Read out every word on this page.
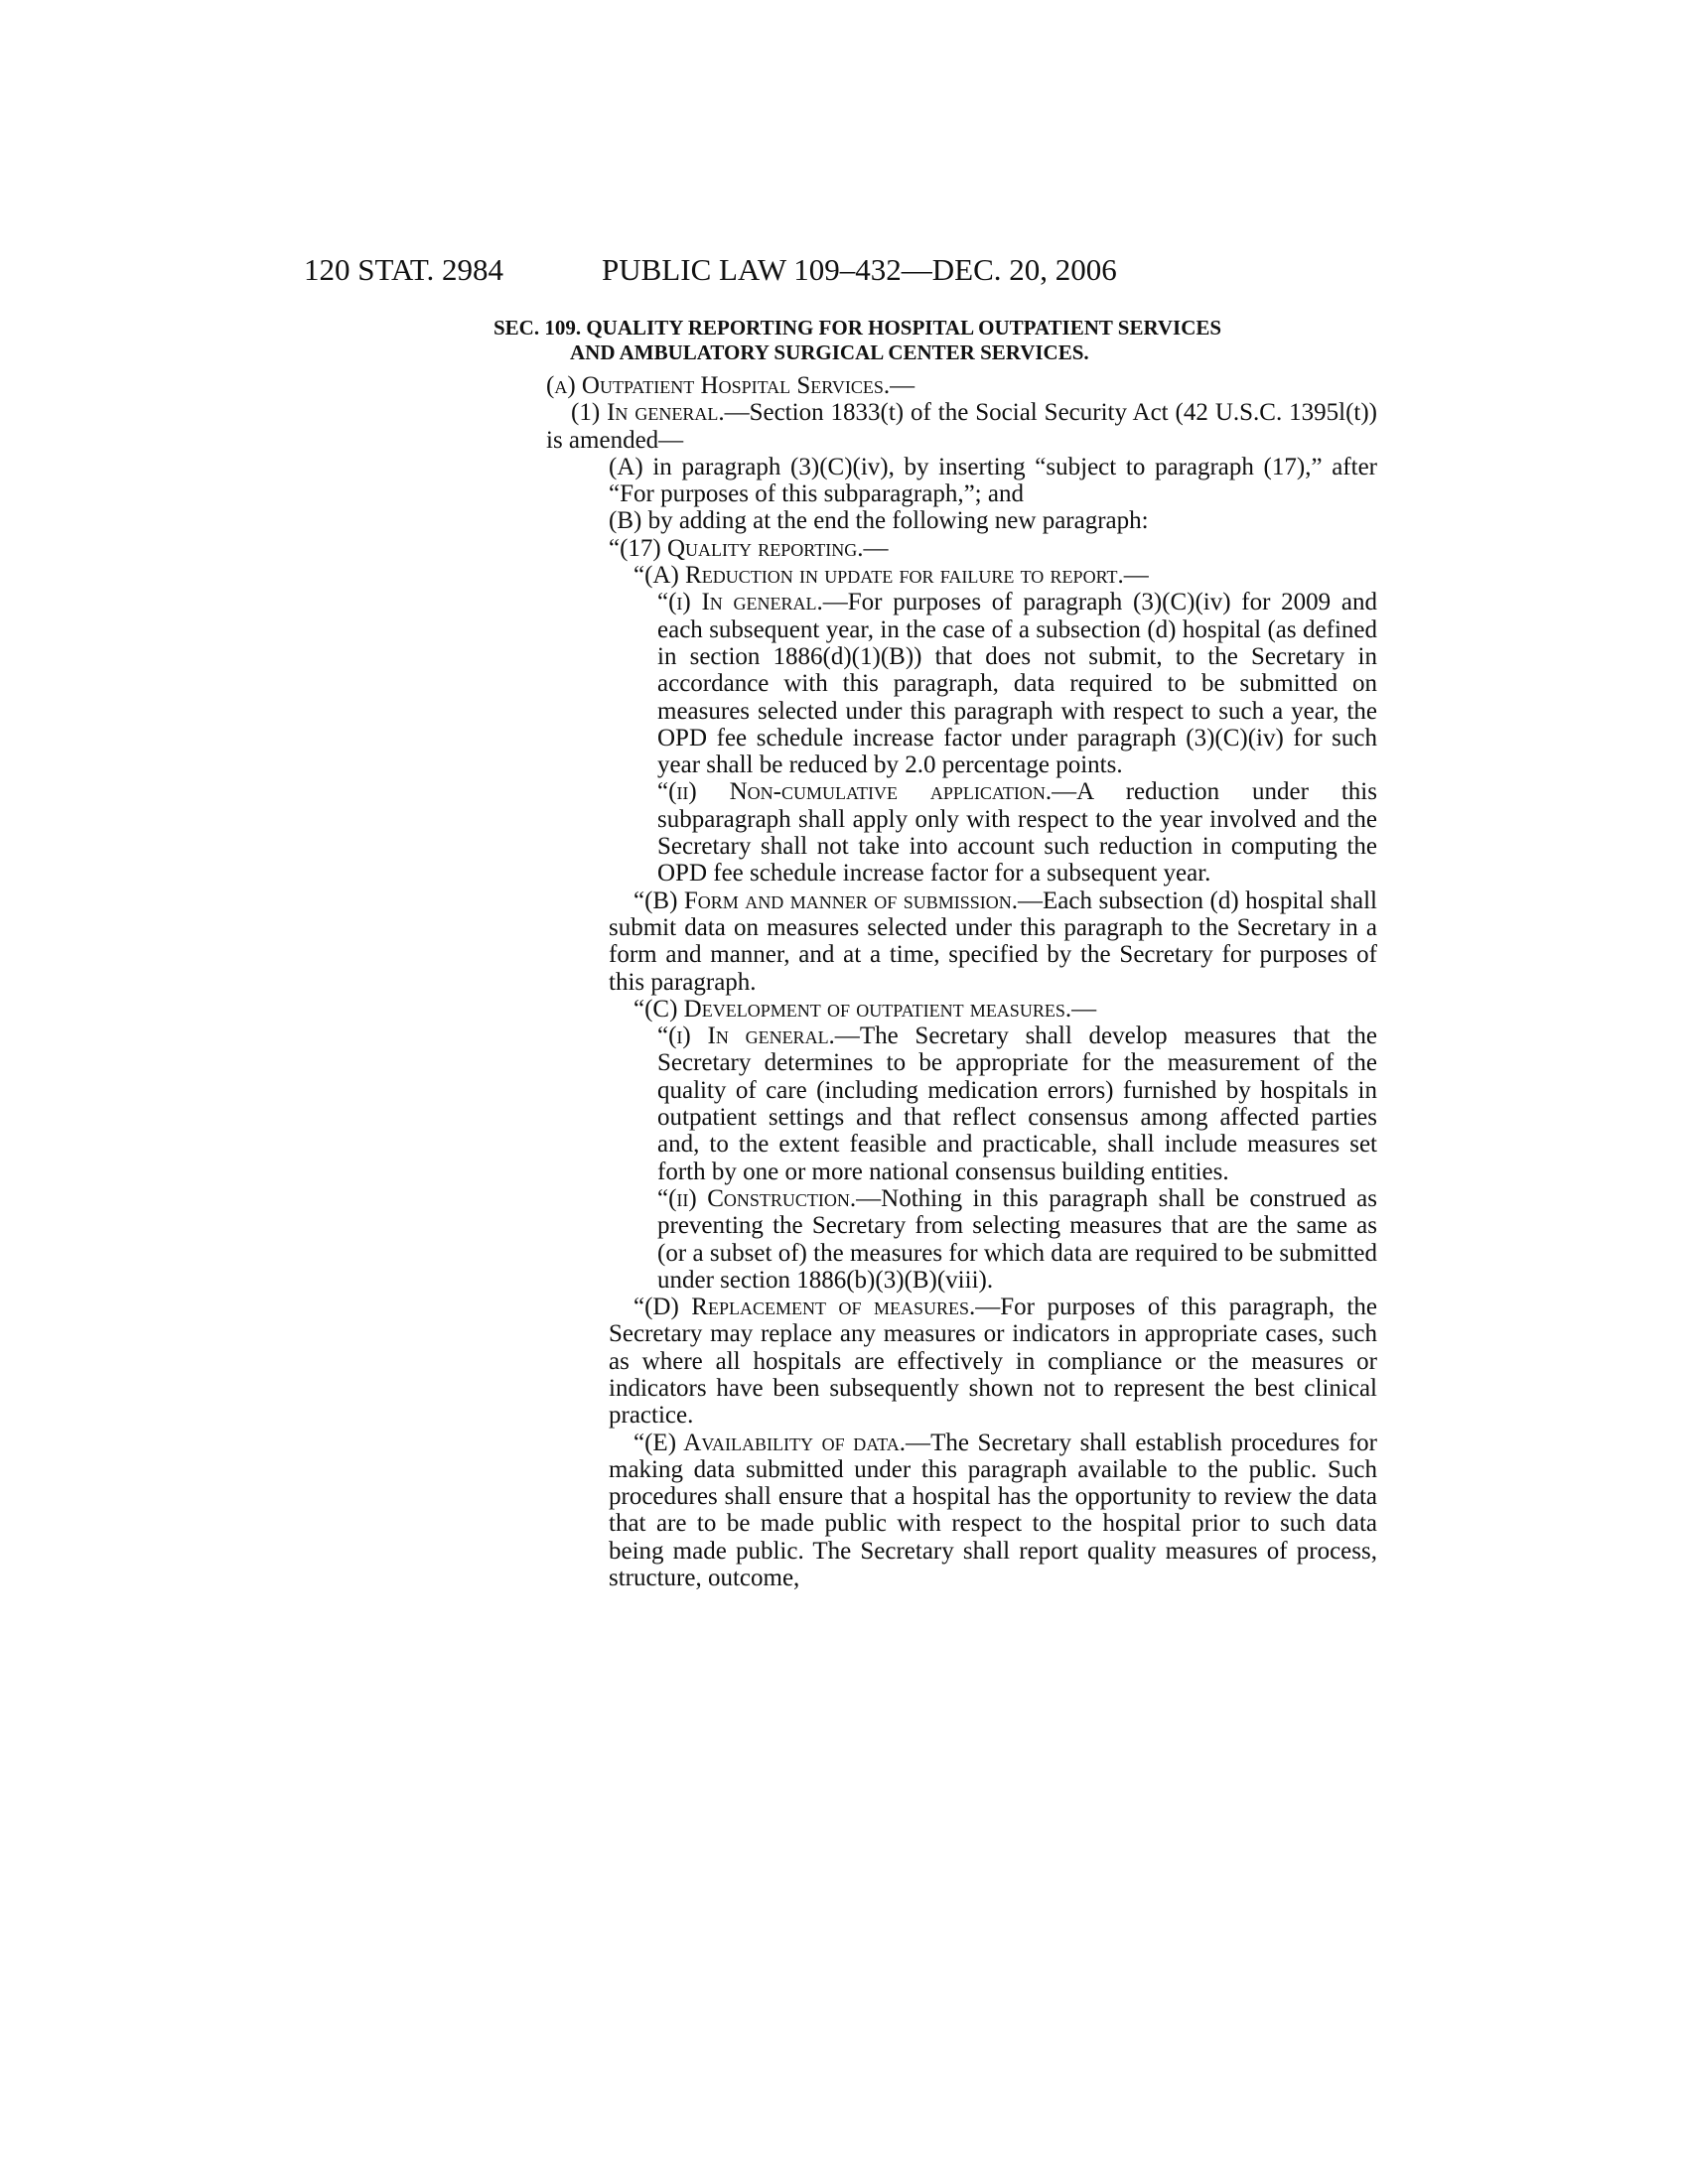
120 STAT. 2984	PUBLIC LAW 109–432—DEC. 20, 2006
SEC. 109. QUALITY REPORTING FOR HOSPITAL OUTPATIENT SERVICES
AND AMBULATORY SURGICAL CENTER SERVICES.

(a) Outpatient Hospital Services.—

(1) In general.—Section 1833(t) of the Social Security Act (42 U.S.C. 1395l(t)) is amended—

(A) in paragraph (3)(C)(iv), by inserting “subject to paragraph (17),” after “For purposes of this subparagraph,”; and

(B) by adding at the end the following new paragraph:

“(17) Quality reporting.—

“(A) Reduction in update for failure to report.—

“(i) In general.—For purposes of paragraph (3)(C)(iv) for 2009 and each subsequent year, in the case of a subsection (d) hospital (as defined in section 1886(d)(1)(B)) that does not submit, to the Secretary in accordance with this paragraph, data required to be submitted on measures selected under this paragraph with respect to such a year, the OPD fee schedule increase factor under paragraph (3)(C)(iv) for such year shall be reduced by 2.0 percentage points.

“(ii) Non-cumulative application.—A reduction under this subparagraph shall apply only with respect to the year involved and the Secretary shall not take into account such reduction in computing the OPD fee schedule increase factor for a subsequent year.

“(B) Form and manner of submission.—Each subsection (d) hospital shall submit data on measures selected under this paragraph to the Secretary in a form and manner, and at a time, specified by the Secretary for purposes of this paragraph.

“(C) Development of outpatient measures.—

“(i) In general.—The Secretary shall develop measures that the Secretary determines to be appropriate for the measurement of the quality of care (including medication errors) furnished by hospitals in outpatient settings and that reflect consensus among affected parties and, to the extent feasible and practicable, shall include measures set forth by one or more national consensus building entities.

“(ii) Construction.—Nothing in this paragraph shall be construed as preventing the Secretary from selecting measures that are the same as (or a subset of) the measures for which data are required to be submitted under section 1886(b)(3)(B)(viii).

“(D) Replacement of measures.—For purposes of this paragraph, the Secretary may replace any measures or indicators in appropriate cases, such as where all hospitals are effectively in compliance or the measures or indicators have been subsequently shown not to represent the best clinical practice.

“(E) Availability of data.—The Secretary shall establish procedures for making data submitted under this paragraph available to the public. Such procedures shall ensure that a hospital has the opportunity to review the data that are to be made public with respect to the hospital prior to such data being made public. The Secretary shall report quality measures of process, structure, outcome,
